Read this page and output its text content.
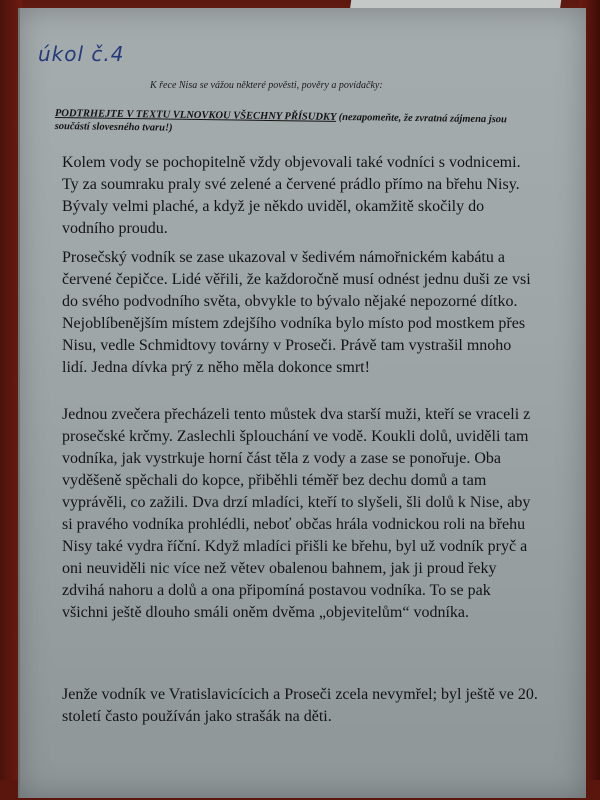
úkol č.4
K řece Nisa se vážou některé pověsti, pověry a povídačky:
PODTRHEJTE V TEXTU VLNOVKOU VŠECHNY PŘÍSUDKY (nezapomeňte, že zvratná zájmena jsou součástí slovesného tvaru!)

Kolem vody se pochopitelně vždy objevovali také vodníci s vodnicemi. Ty za soumraku praly své zelené a červené prádlo přímo na břehu Nisy. Bývaly velmi plaché, a když je někdo uviděl, okamžitě skočily do vodního proudu.

Prosečský vodník se zase ukazoval v šedivém námořnickém kabátu a červené čepičce. Lidé věřili, že každoročně musí odnést jednu duši ze vsi do svého podvodního světa, obvykle to bývalo nějaké nepozorné dítko. Nejoblíbenějším místem zdejšího vodníka bylo místo pod mostkem přes Nisu, vedle Schmidtovy továrny v Proseči. Právě tam vystrašil mnoho lidí. Jedna dívka prý z něho měla dokonce smrt!

Jednou zvečera přecházeli tento můstek dva starší muži, kteří se vraceli z prosečské krčmy. Zaslechli šplouchání ve vodě. Koukli dolů, uviděli tam vodníka, jak vystrkuje horní část těla z vody a zase se ponořuje. Oba vyděšeně spěchali do kopce, přiběhli téměř bez dechu domů a tam vyprávěli, co zažili. Dva drzí mladíci, kteří to slyšeli, šli dolů k Nise, aby si pravého vodníka prohlédli, neboť občas hrála vodnickou roli na břehu Nisy také vydra říční. Když mladíci přišli ke břehu, byl už vodník pryč a oni neuviděli nic více než větev obalenou bahnem, jak ji proud řeky zdvihá nahoru a dolů a ona připomíná postavou vodníka. To se pak všichni ještě dlouho smáli oněm dvěma „objevitelům“ vodníka.

Jenže vodník ve Vratislavicícich a Proseči zcela nevymřel; byl ještě ve 20. století často používán jako strašák na děti.
